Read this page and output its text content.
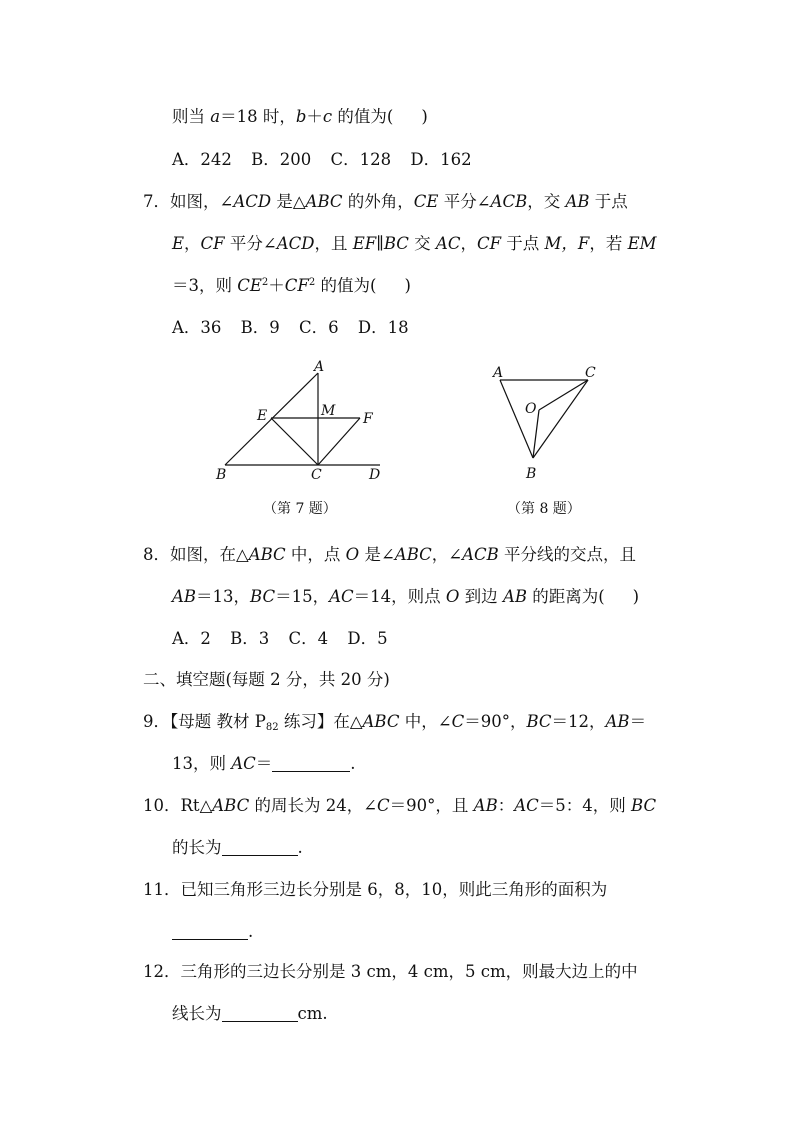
则当 a＝18 时，b＋c 的值为( )
A．242 B．200 C．128 D．162
7．如图，∠ACD 是△ABC 的外角，CE 平分∠ACB，交 AB 于点
E，CF 平分∠ACD，且 EF∥BC 交 AC，CF 于点 M，F，若 EM
＝3，则 $CE^2+CF^2$ 的值为( )
A．36 B．9 C．6 D．18
A
E	M F
B	C	D
（第 7 题）
A	C
O
B
（第 8 题）
8．如图，在△ABC 中，点 O 是∠ABC，∠ACB 平分线的交点，且
AB＝13，BC＝15，AC＝14，则点 O 到边 AB 的距离为( )
A．2 B．3 C．4 D．5
二、填空题(每题 2 分，共 20 分)
9．【母题 教材 $P_{82}$ 练习】在△ABC 中，∠C＝90°，BC＝12，AB＝
13，则 AC＝	.
10．Rt△ABC 的周长为 24，∠C＝90°，且 AB：AC＝5：4，则 BC
的长为	.
11．已知三角形三边长分别是 6，8，10，则此三角形的面积为
.
12．三角形的三边长分别是 3 cm，4 cm，5 cm，则最大边上的中
线长为	cm.
